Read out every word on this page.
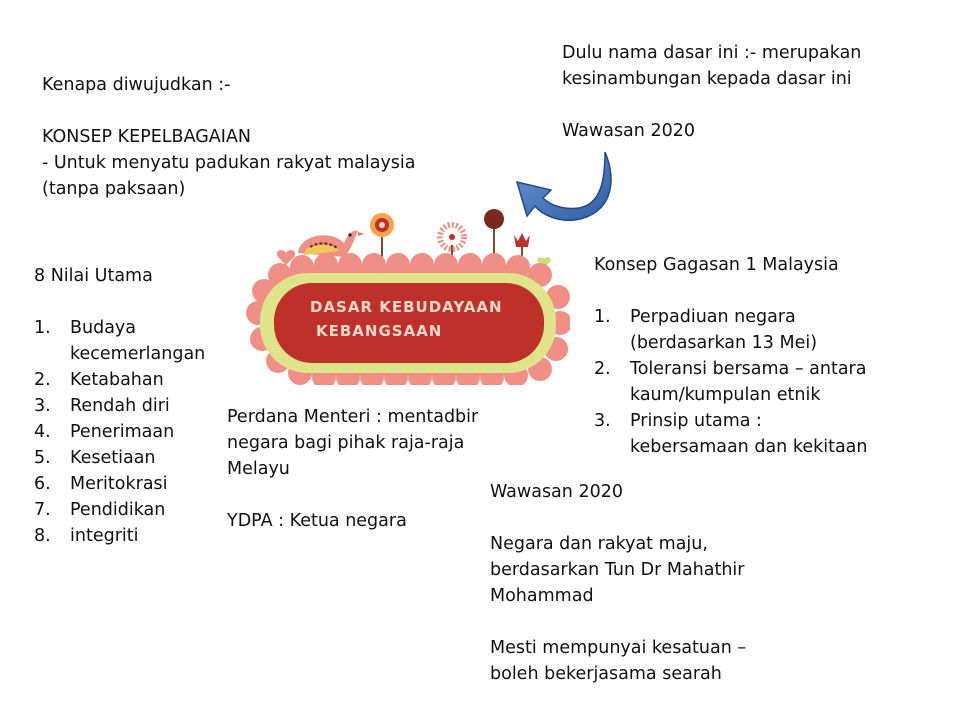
Kenapa diwujudkan :-
KONSEP KEPELBAGAIAN
- Untuk menyatu padukan rakyat malaysia
(tanpa paksaan)
Dulu nama dasar ini :- merupakan
kesinambungan kepada dasar ini
Wawasan 2020
DASAR KEBUDAYAAN
KEBANGSAAN
8 Nilai Utama
1. Budaya
kecemerlangan
2. Ketabahan
3. Rendah diri
4. Penerimaan
5. Kesetiaan
6. Meritokrasi
7. Pendidikan
8. integriti
Konsep Gagasan 1 Malaysia
1. Perpadiuan negara
(berdasarkan 13 Mei)
2. Toleransi bersama – antara
kaum/kumpulan etnik
3. Prinsip utama :
kebersamaan dan kekitaan
Perdana Menteri : mentadbir
negara bagi pihak raja-raja
Melayu
YDPA : Ketua negara
Wawasan 2020
Negara dan rakyat maju,
berdasarkan Tun Dr Mahathir
Mohammad
Mesti mempunyai kesatuan –
boleh bekerjasama searah
